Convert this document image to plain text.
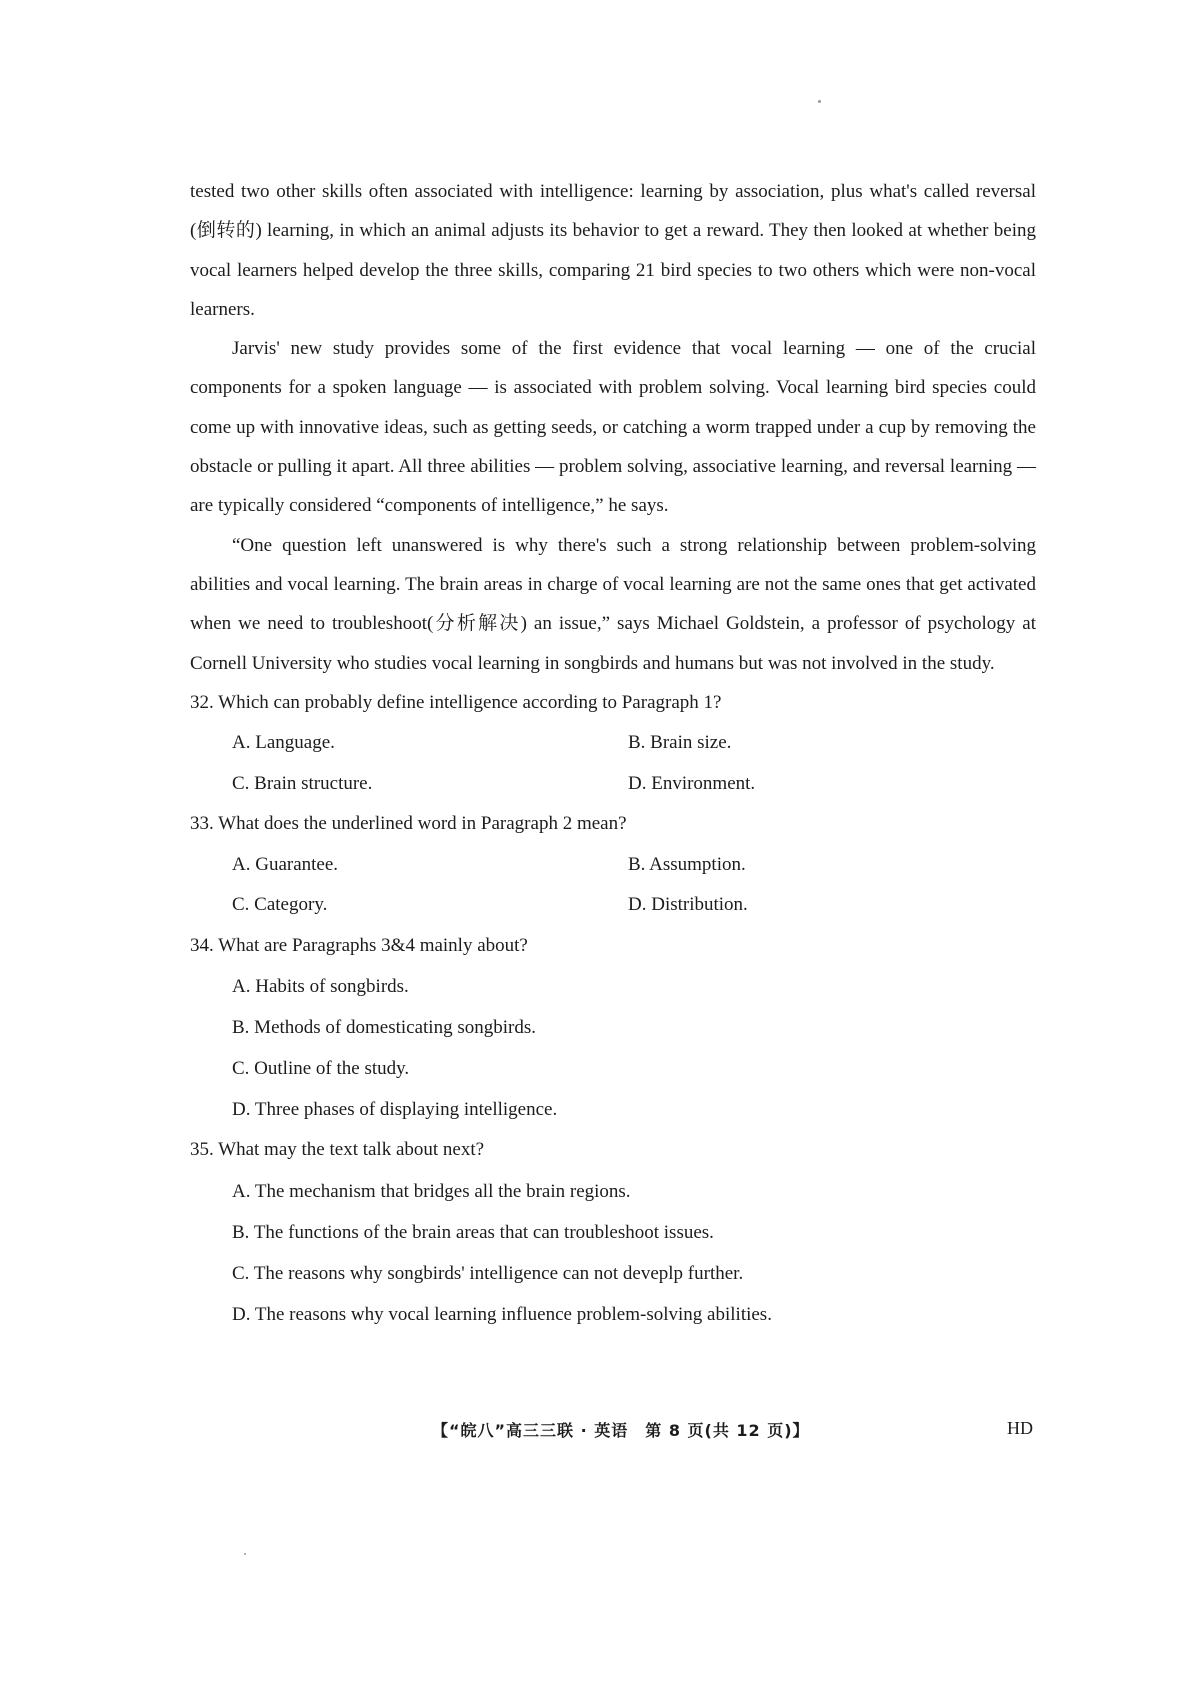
tested two other skills often associated with intelligence: learning by association, plus what's called reversal (倒转的) learning, in which an animal adjusts its behavior to get a reward. They then looked at whether being vocal learners helped develop the three skills, comparing 21 bird species to two others which were non-vocal learners.

Jarvis' new study provides some of the first evidence that vocal learning — one of the crucial components for a spoken language — is associated with problem solving. Vocal learning bird species could come up with innovative ideas, such as getting seeds, or catching a worm trapped under a cup by removing the obstacle or pulling it apart. All three abilities — problem solving, associative learning, and reversal learning — are typically considered “components of intelligence,” he says.

“One question left unanswered is why there's such a strong relationship between problem-solving abilities and vocal learning. The brain areas in charge of vocal learning are not the same ones that get activated when we need to troubleshoot(分析解决) an issue,” says Michael Goldstein, a professor of psychology at Cornell University who studies vocal learning in songbirds and humans but was not involved in the study.

32. Which can probably define intelligence according to Paragraph 1?

A. Language.	B. Brain size.
C. Brain structure.	D. Environment.

33. What does the underlined word in Paragraph 2 mean?

A. Guarantee.	B. Assumption.
C. Category.	D. Distribution.

34. What are Paragraphs 3&4 mainly about?

A. Habits of songbirds.
B. Methods of domesticating songbirds.
C. Outline of the study.
D. Three phases of displaying intelligence.

35. What may the text talk about next?

A. The mechanism that bridges all the brain regions.
B. The functions of the brain areas that can troubleshoot issues.
C. The reasons why songbirds' intelligence can not deveplp further.
D. The reasons why vocal learning influence problem-solving abilities.
【“皖八”高三三联 · 英语　第 8 页(共 12 页)】	HD
